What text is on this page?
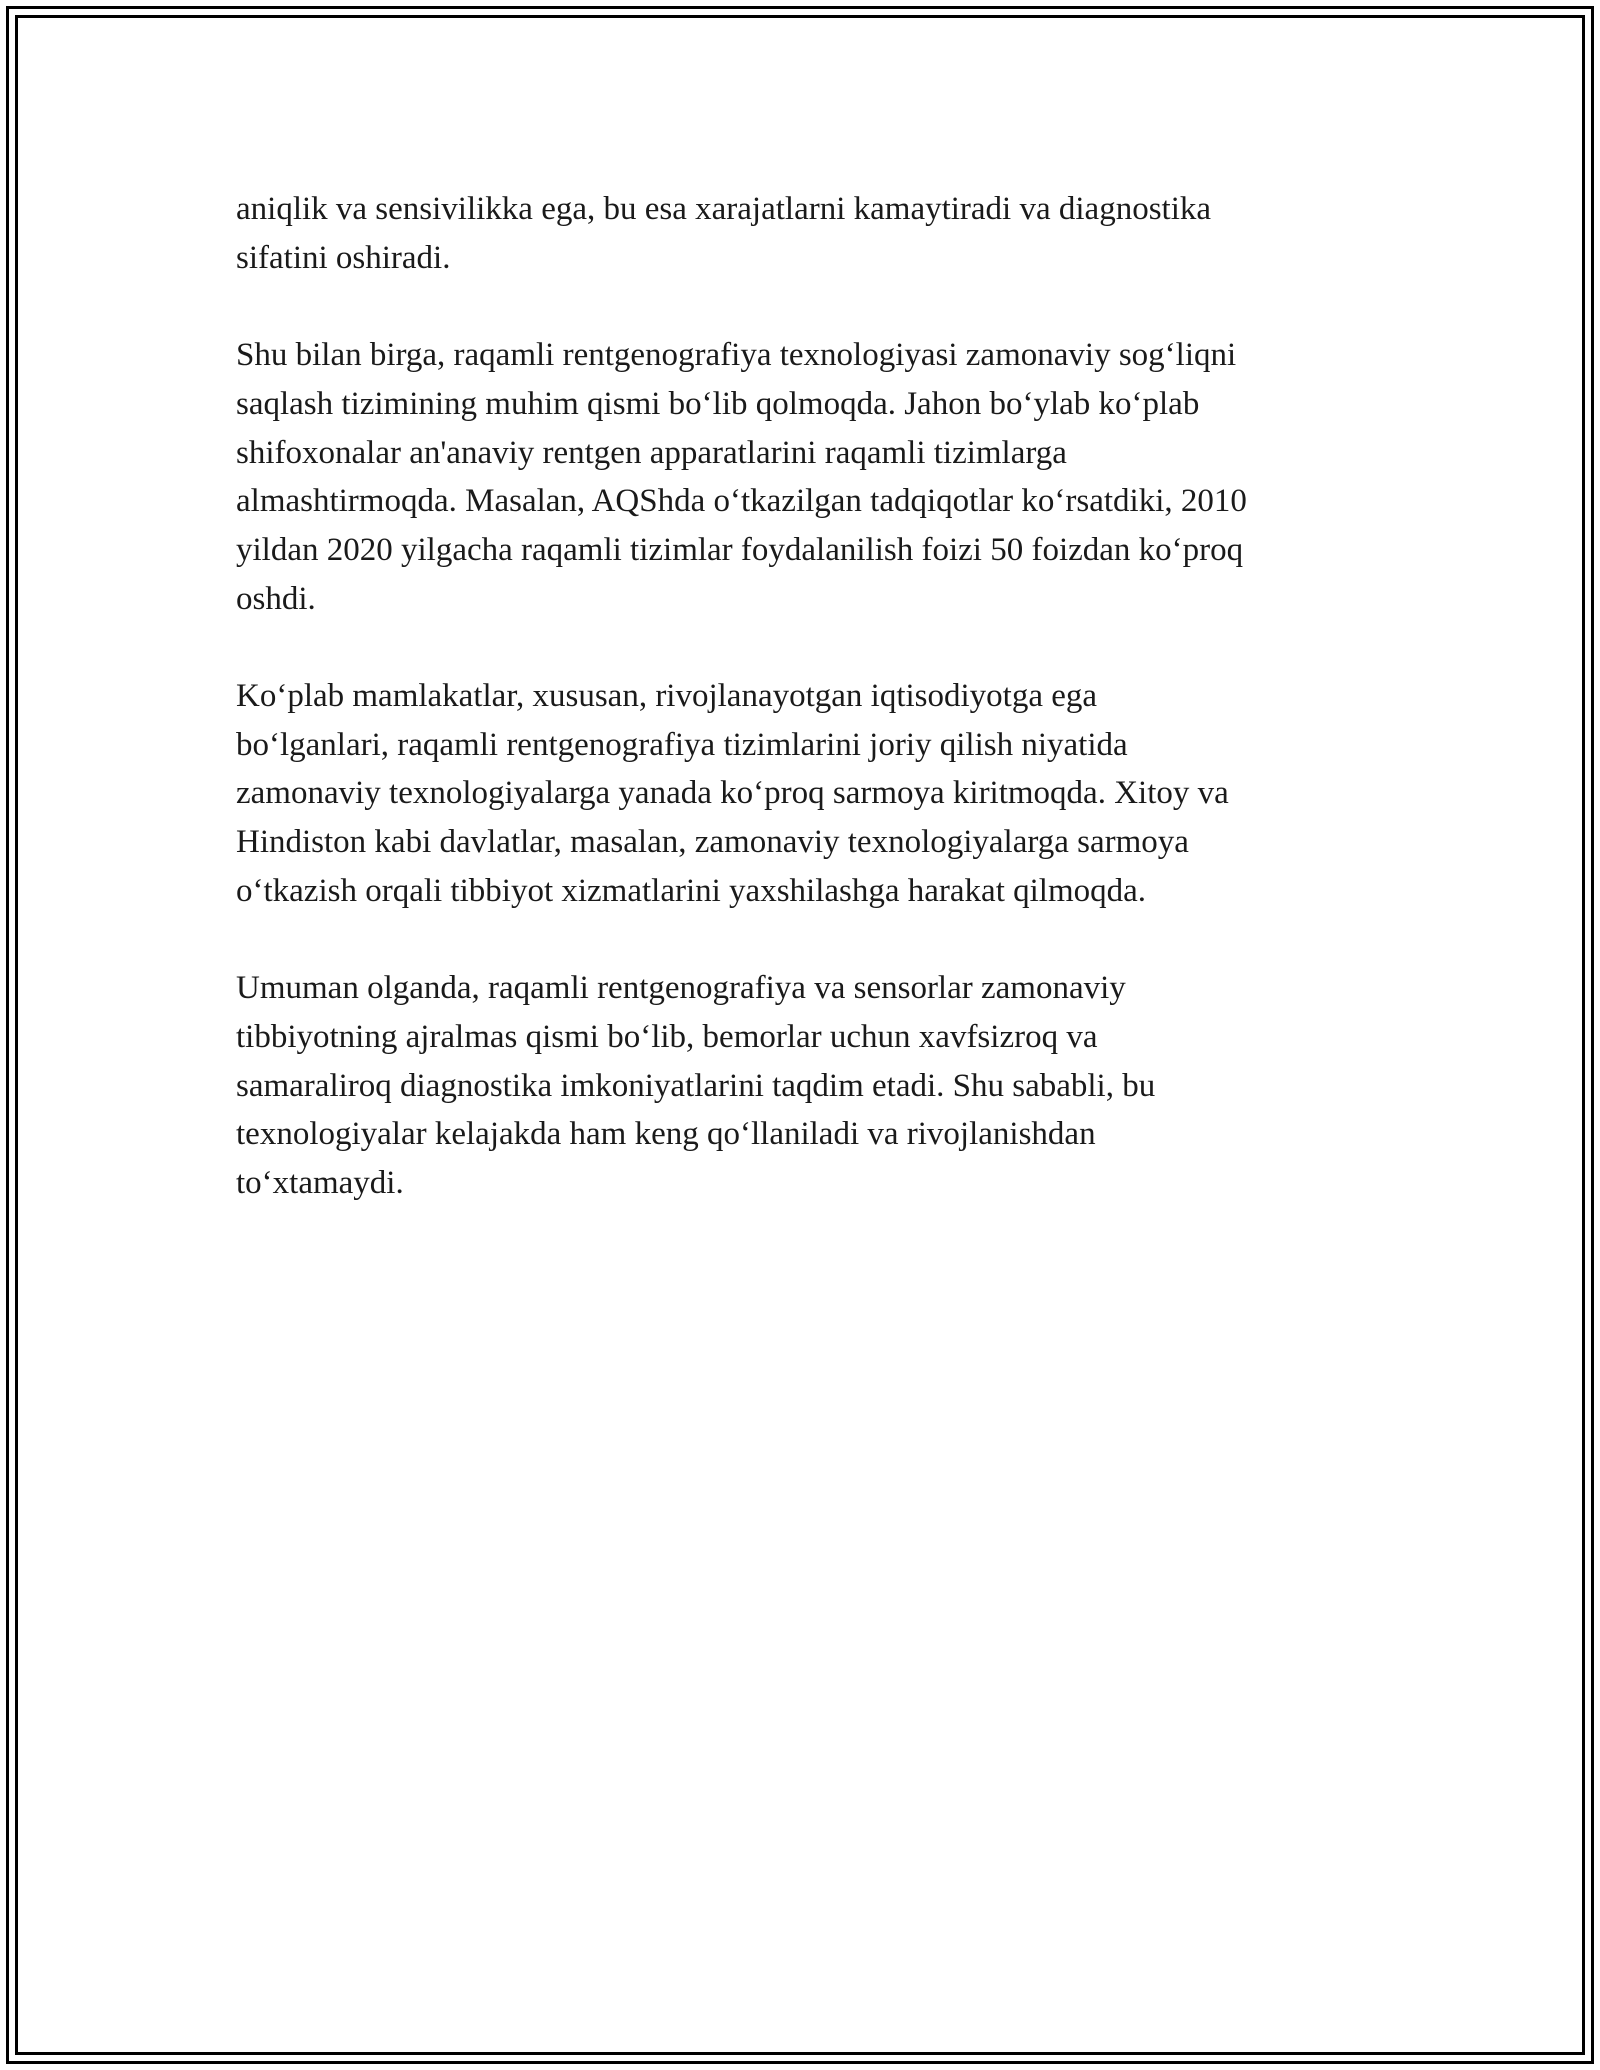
aniqlik va sensivilikka ega, bu esa xarajatlarni kamaytiradi va diagnostika
sifatini oshiradi.

Shu bilan birga, raqamli rentgenografiya texnologiyasi zamonaviy sog‘liqni
saqlash tizimining muhim qismi bo‘lib qolmoqda. Jahon bo‘ylab ko‘plab
shifoxonalar an'anaviy rentgen apparatlarini raqamli tizimlarga
almashtirmoqda. Masalan, AQShda o‘tkazilgan tadqiqotlar ko‘rsatdiki, 2010
yildan 2020 yilgacha raqamli tizimlar foydalanilish foizi 50 foizdan ko‘proq
oshdi.

Ko‘plab mamlakatlar, xususan, rivojlanayotgan iqtisodiyotga ega
bo‘lganlari, raqamli rentgenografiya tizimlarini joriy qilish niyatida
zamonaviy texnologiyalarga yanada ko‘proq sarmoya kiritmoqda. Xitoy va
Hindiston kabi davlatlar, masalan, zamonaviy texnologiyalarga sarmoya
o‘tkazish orqali tibbiyot xizmatlarini yaxshilashga harakat qilmoqda.

Umuman olganda, raqamli rentgenografiya va sensorlar zamonaviy
tibbiyotning ajralmas qismi bo‘lib, bemorlar uchun xavfsizroq va
samaraliroq diagnostika imkoniyatlarini taqdim etadi. Shu sababli, bu
texnologiyalar kelajakda ham keng qo‘llaniladi va rivojlanishdan
to‘xtamaydi.
